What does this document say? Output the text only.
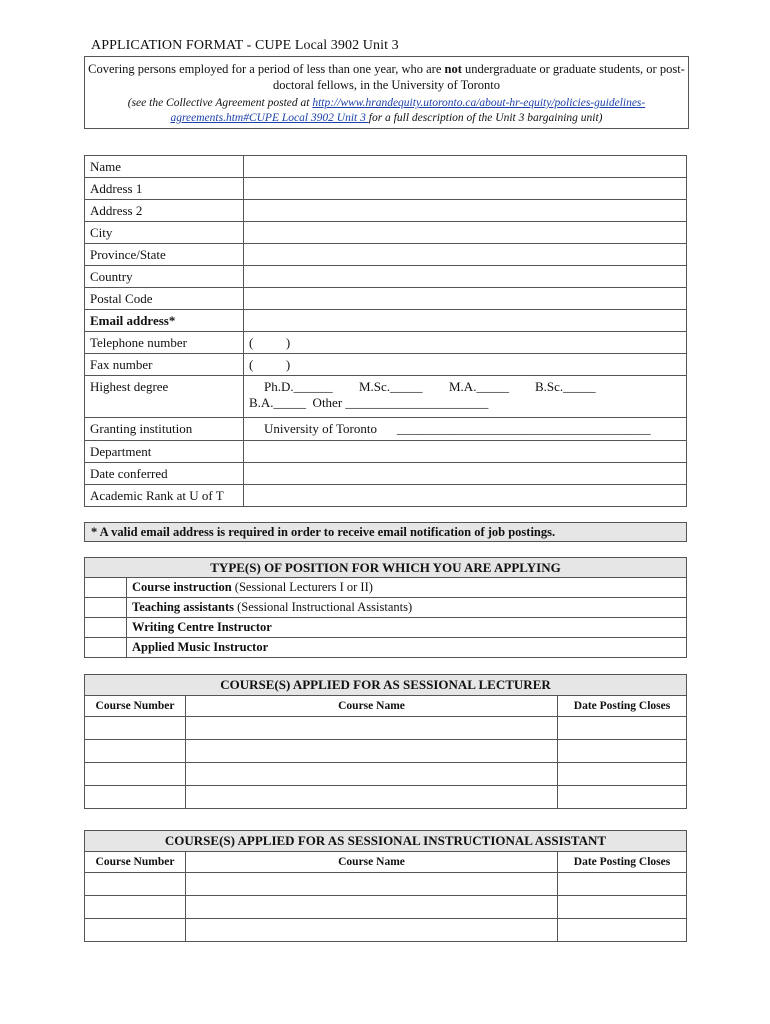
APPLICATION FORMAT - CUPE Local 3902 Unit 3
Covering persons employed for a period of less than one year, who are not undergraduate or graduate students, or post-doctoral fellows, in the University of Toronto
(see the Collective Agreement posted at http://www.hrandequity.utoronto.ca/about-hr-equity/policies-guidelines-agreements.htm#CUPE Local 3902 Unit 3 for a full description of the Unit 3 bargaining unit)
Name	
Address 1	
Address 2	
City	
Province/State	
Country	
Postal Code	
Email address*	
Telephone number	(          )
Fax number	(          )
Highest degree	Ph.D.______ M.Sc._____ M.A._____ B.Sc._____
B.A._____  Other ______________________

Granting institution	University of Toronto _______________________________________
Department	
Date conferred	
Academic Rank at U of T	
* A valid email address is required in order to receive email notification of job postings.
TYPE(S) OF POSITION FOR WHICH YOU ARE APPLYING	
	Course instruction (Sessional Lecturers I or II)
	Teaching assistants (Sessional Instructional Assistants)
	Writing Centre Instructor
	Applied Music Instructor
COURSE(S) APPLIED FOR AS SESSIONAL LECTURER		
Course Number	Course Name	Date Posting Closes

COURSE(S) APPLIED FOR AS SESSIONAL INSTRUCTIONAL ASSISTANT		
Course Number	Course Name	Date Posting Closes
